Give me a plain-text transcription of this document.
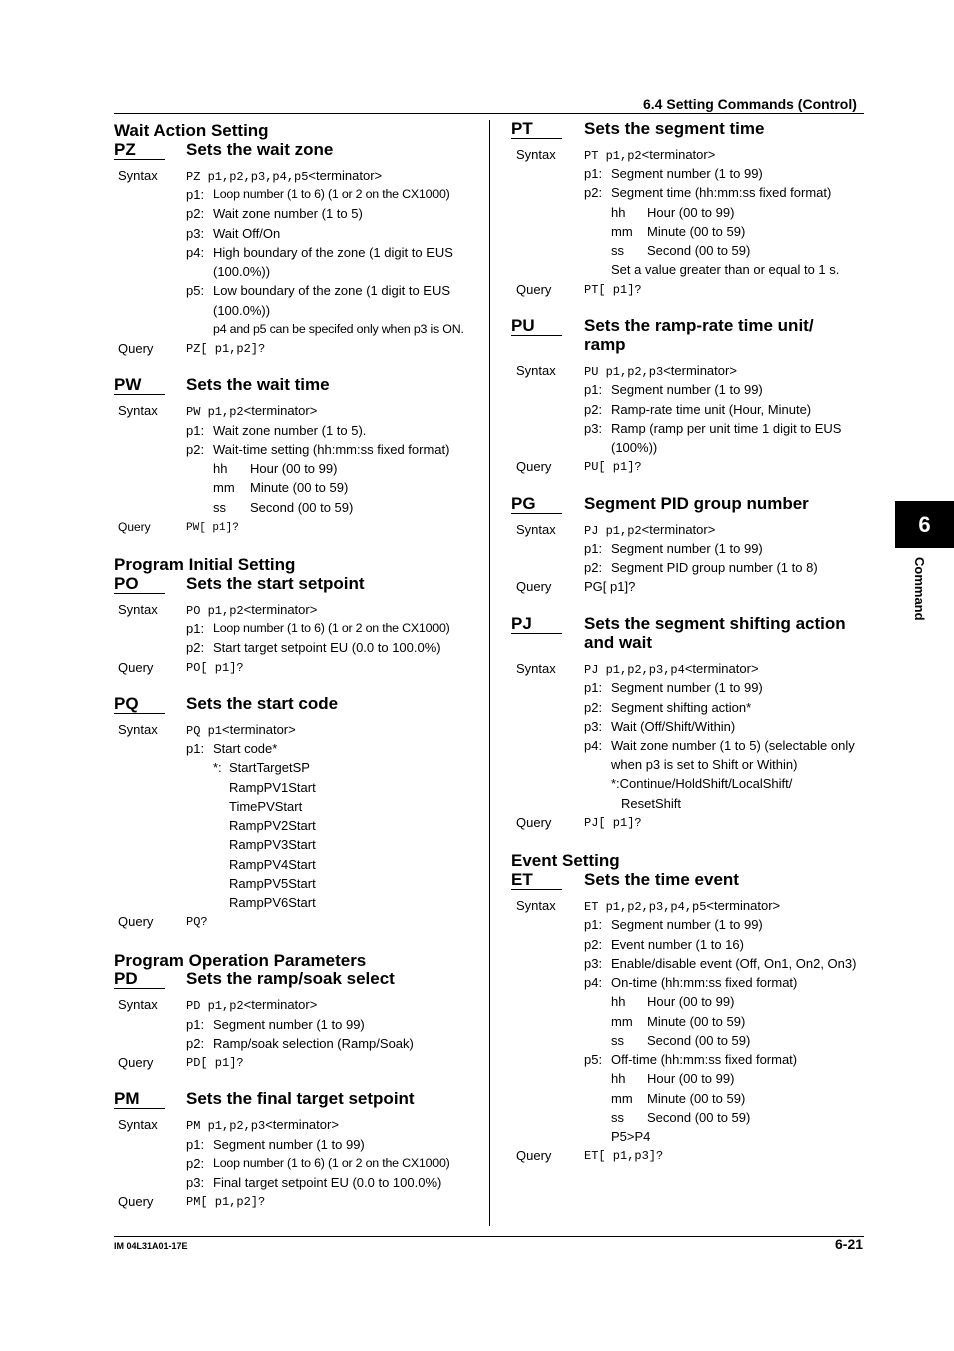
6.4 Setting Commands (Control)
6
Command
Wait Action Setting
PZ	Sets the wait zone
Syntax PZ p1,p2,p3,p4,p5<terminator>
p1: Loop number (1 to 6) (1 or 2 on the CX1000)
p2: Wait zone number (1 to 5)
p3: Wait Off/On
p4: High boundary of the zone (1 digit to EUS
(100.0%))
p5: Low boundary of the zone (1 digit to EUS
(100.0%))
p4 and p5 can be specifed only when p3 is ON.
Query	PZ[ p1,p2]?
PW	Sets the wait time
Syntax PW p1,p2<terminator>
p1: Wait zone number (1 to 5).
p2: Wait-time setting (hh:mm:ss fixed format)
hh Hour (00 to 99)
mm Minute (00 to 59)
ss Second (00 to 59)
Query	PW[ p1]?
Program Initial Setting
PO	Sets the start setpoint
Syntax PO p1,p2<terminator>
p1: Loop number (1 to 6) (1 or 2 on the CX1000)
p2: Start target setpoint EU (0.0 to 100.0%)
Query	PO[ p1]?
PQ	Sets the start code
Syntax PQ p1<terminator>
p1: Start code*
*: StartTargetSP
RampPV1Start
TimePVStart
RampPV2Start
RampPV3Start
RampPV4Start
RampPV5Start
RampPV6Start
Query	PQ?
Program Operation Parameters
PD	Sets the ramp/soak select
Syntax PD p1,p2<terminator>
p1: Segment number (1 to 99)
p2: Ramp/soak selection (Ramp/Soak)
Query	PD[ p1]?
PM	Sets the final target setpoint
Syntax PM p1,p2,p3<terminator>
p1: Segment number (1 to 99)
p2: Loop number (1 to 6) (1 or 2 on the CX1000)
p3: Final target setpoint EU (0.0 to 100.0%)
Query	PM[ p1,p2]?
PT	Sets the segment time
Syntax PT p1,p2<terminator>
p1: Segment number (1 to 99)
p2: Segment time (hh:mm:ss fixed format)
hh Hour (00 to 99)
mm Minute (00 to 59)
ss Second (00 to 59)
Set a value greater than or equal to 1 s.
Query	PT[ p1]?
PU	Sets the ramp-rate time unit/
ramp
Syntax PU p1,p2,p3<terminator>
p1: Segment number (1 to 99)
p2: Ramp-rate time unit (Hour, Minute)
p3: Ramp (ramp per unit time 1 digit to EUS
(100%))
Query	PU[ p1]?
PG	Segment PID group number
Syntax PJ p1,p2<terminator>
p1: Segment number (1 to 99)
p2: Segment PID group number (1 to 8)
Query	PG[ p1]?
PJ	Sets the segment shifting action
and wait
Syntax PJ p1,p2,p3,p4<terminator>
p1: Segment number (1 to 99)
p2: Segment shifting action*
p3: Wait (Off/Shift/Within)
p4: Wait zone number (1 to 5) (selectable only
when p3 is set to Shift or Within)
*:Continue/HoldShift/LocalShift/
ResetShift
Query	PJ[ p1]?
Event Setting
ET	Sets the time event
Syntax ET p1,p2,p3,p4,p5<terminator>
p1: Segment number (1 to 99)
p2: Event number (1 to 16)
p3: Enable/disable event (Off, On1, On2, On3)
p4: On-time (hh:mm:ss fixed format)
hh Hour (00 to 99)
mm Minute (00 to 59)
ss Second (00 to 59)
p5: Off-time (hh:mm:ss fixed format)
hh Hour (00 to 99)
mm Minute (00 to 59)
ss Second (00 to 59)
P5>P4
Query	ET[ p1,p3]?
IM 04L31A01-17E	6-21
